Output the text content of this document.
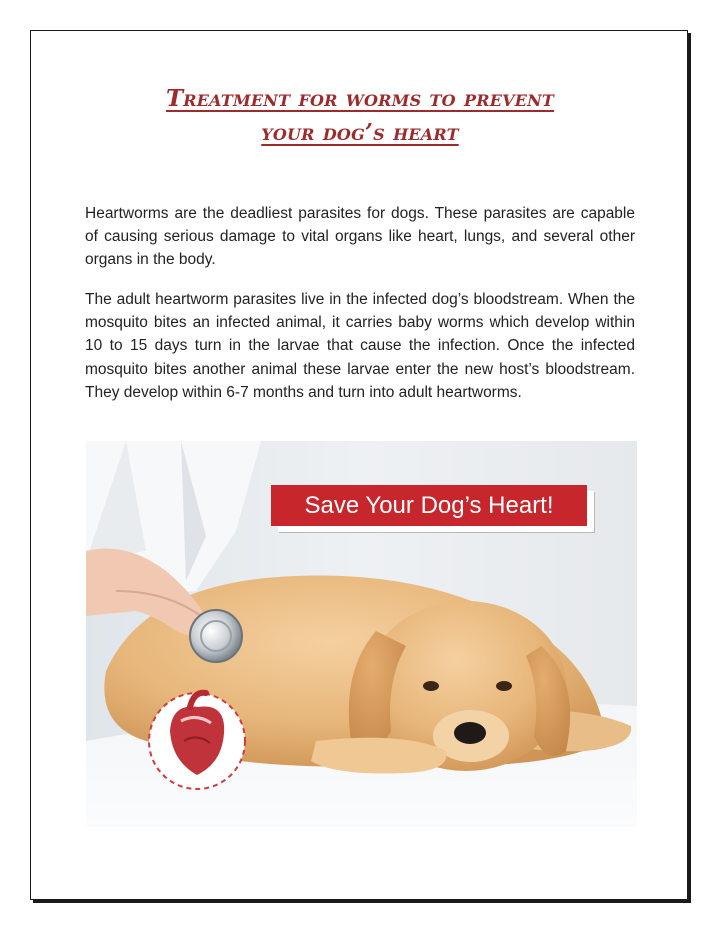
Treatment for worms to prevent
your dog’s heart

Heartworms are the deadliest parasites for dogs. These parasites are capable of causing serious damage to vital organs like heart, lungs, and several other organs in the body.

The adult heartworm parasites live in the infected dog’s bloodstream. When the mosquito bites an infected animal, it carries baby worms which develop within 10 to 15 days turn in the larvae that cause the infection. Once the infected mosquito bites another animal these larvae enter the new host’s bloodstream. They develop within 6-7 months and turn into adult heartworms.

Save Your Dog’s Heart!
